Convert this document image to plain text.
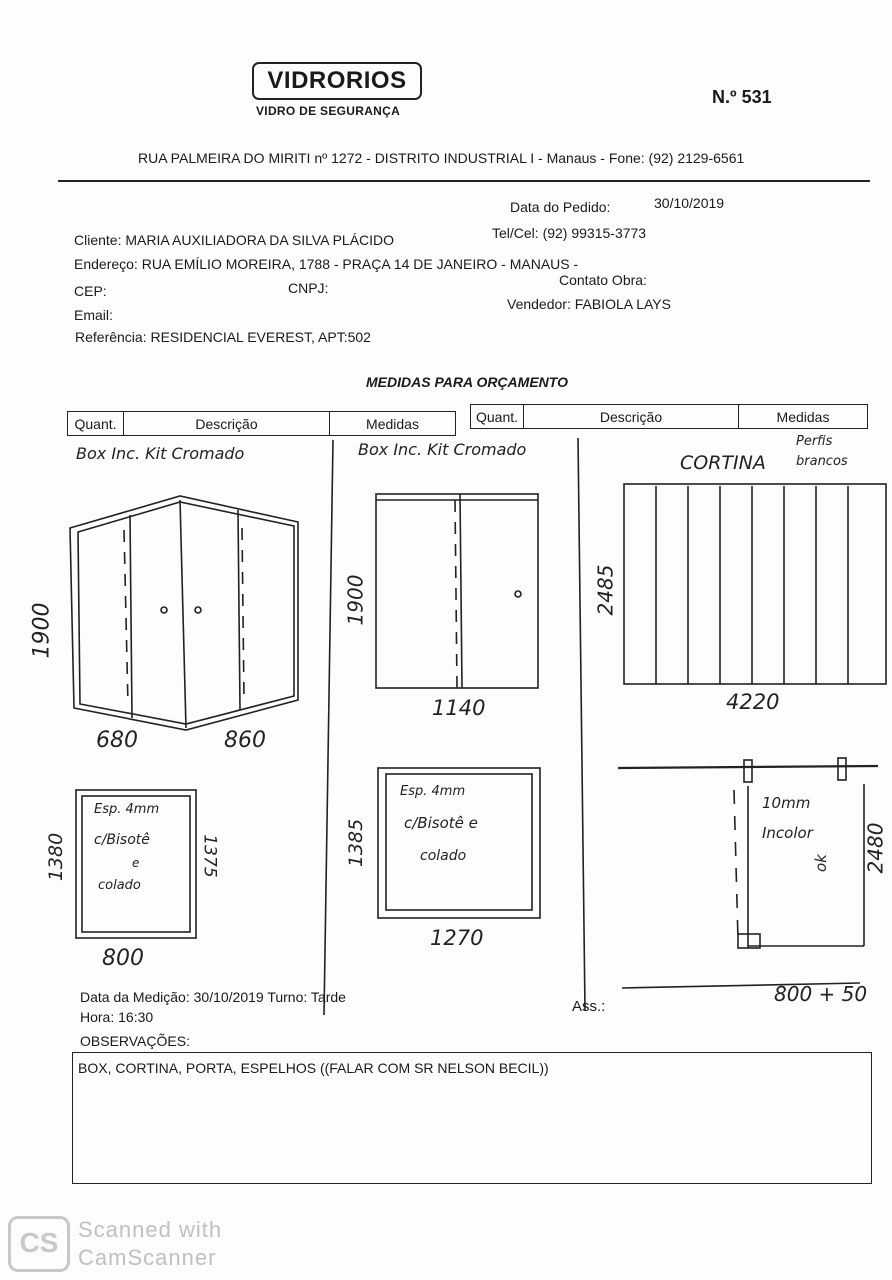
VIDRORIOS
VIDRO DE SEGURANÇA
N.º 531
RUA PALMEIRA DO MIRITI nº 1272 - DISTRITO INDUSTRIAL I - Manaus - Fone: (92) 2129-6561
Data do Pedido:	30/10/2019
Cliente: MARIA AUXILIADORA DA SILVA PLÁCIDO	Tel/Cel: (92) 99315-3773
Endereço: RUA EMÍLIO MOREIRA, 1788 - PRAÇA 14 DE JANEIRO - MANAUS -
CEP:	CNPJ:	Contato Obra:
Email:
Vendedor: FABIOLA LAYS
Referência: RESIDENCIAL EVEREST, APT:502
MEDIDAS PARA ORÇAMENTO
Quant.	Descrição	Medidas	Quant.	Descrição	Medidas
Box Inc. Kit Cromado	Box Inc. Kit Cromado
CORTINA
Perfis brancos
1900
680	860
1900
1140
2485
4220
Esp. 4mm
c/Bisotê
e
colado
1380	1375
800
Esp. 4mm
c/Bisotê e
colado
1385
1270
10mm
Incolor
ok 2480
800 + 50
Data da Medição: 30/10/2019 Turno: Tarde
Hora: 16:30
Ass.:
OBSERVAÇÕES:
BOX, CORTINA, PORTA, ESPELHOS ((FALAR COM SR NELSON BECIL))
CS Scanned with
CamScanner
